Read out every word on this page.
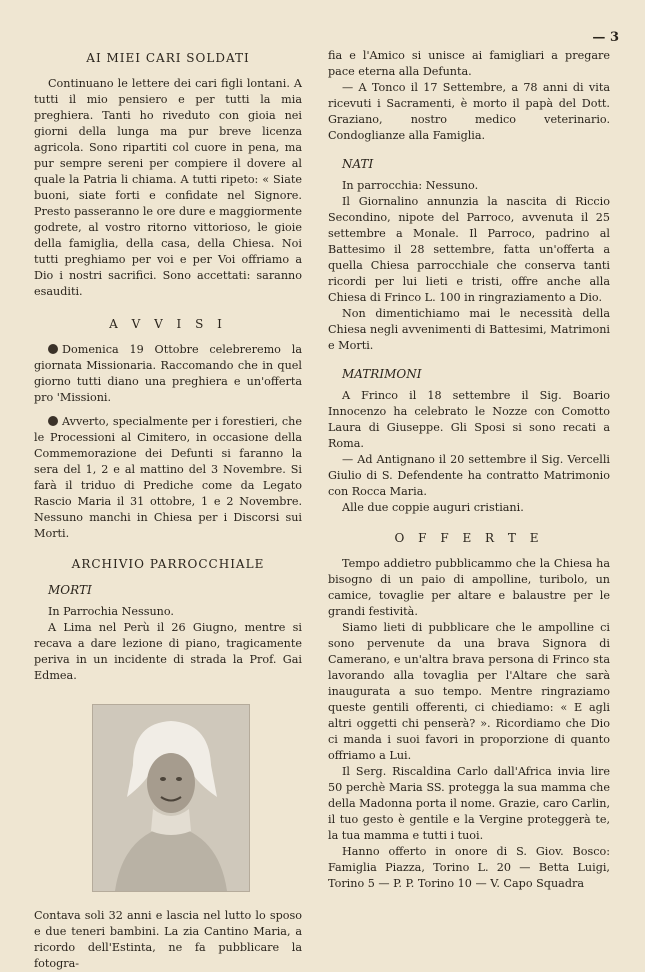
— 3
AI MIEI CARI SOLDATI

Continuano le lettere dei cari figli lontani. A tutti il mio pensiero e per tutti la mia preghiera. Tanti ho riveduto con gioia nei giorni della lunga ma pur breve licenza agricola. Sono ripartiti col cuore in pena, ma pur sempre sereni per compiere il dovere al quale la Patria li chiama. A tutti ripeto: « Siate buoni, siate forti e confidate nel Signore. Presto passeranno le ore dure e maggiormente godrete, al vostro ritorno vittorioso, le gioie della famiglia, della casa, della Chiesa. Noi tutti preghiamo per voi e per Voi offriamo a Dio i nostri sacrifici. Sono accettati: saranno esauditi.

A V V I S I

Domenica 19 Ottobre celebreremo la giornata Missionaria. Raccomando che in quel giorno tutti diano una preghiera e un'offerta pro 'Missioni.

Avverto, specialmente per i forestieri, che le Processioni al Cimitero, in occasione della Commemorazione dei Defunti si faranno la sera del 1, 2 e al mattino del 3 Novembre. Si farà il triduo di Prediche come da Legato Rascio Maria il 31 ottobre, 1 e 2 Novembre. Nessuno manchi in Chiesa per i Discorsi sui Morti.

ARCHIVIO PARROCCHIALE
MORTI

In Parrochia Nessuno.

A Lima nel Perù il 26 Giugno, mentre si recava a dare lezione di piano, tragicamente periva in un incidente di strada la Prof. Gai Edmea.

Contava soli 32 anni e lascia nel lutto lo sposo e due teneri bambini. La zia Cantino Maria, a ricordo dell'Estinta, ne fa pubblicare la fotogra-

fia e l'Amico si unisce ai famigliari a pregare pace eterna alla Defunta.

— A Tonco il 17 Settembre, a 78 anni di vita ricevuti i Sacramenti, è morto il papà del Dott. Graziano, nostro medico veterinario. Condoglianze alla Famiglia.

NATI

In parrocchia: Nessuno.

Il Giornalino annunzia la nascita di Riccio Secondino, nipote del Parroco, avvenuta il 25 settembre a Monale. Il Parroco, padrino al Battesimo il 28 settembre, fatta un'offerta a quella Chiesa parrocchiale che conserva tanti ricordi per lui lieti e tristi, offre anche alla Chiesa di Frinco L. 100 in ringraziamento a Dio.

Non dimentichiamo mai le necessità della Chiesa negli avvenimenti di Battesimi, Matrimoni e Morti.

MATRIMONI

A Frinco il 18 settembre il Sig. Boario Innocenzo ha celebrato le Nozze con Comotto Laura di Giuseppe. Gli Sposi si sono recati a Roma.

— Ad Antignano il 20 settembre il Sig. Vercelli Giulio di S. Defendente ha contratto Matrimonio con Rocca Maria.

Alle due coppie auguri cristiani.

O F F E R T E

Tempo addietro pubblicammo che la Chiesa ha bisogno di un paio di ampolline, turibolo, un camice, tovaglie per altare e balaustre per le grandi festività.

Siamo lieti di pubblicare che le ampolline ci sono pervenute da una brava Signora di Camerano, e un'altra brava persona di Frinco sta lavorando alla tovaglia per l'Altare che sarà inaugurata a suo tempo. Mentre ringraziamo queste gentili offerenti, ci chiediamo: « E agli altri oggetti chi penserà? ». Ricordiamo che Dio ci manda i suoi favori in proporzione di quanto offriamo a Lui.

Il Serg. Riscaldina Carlo dall'Africa invia lire 50 perchè Maria SS. protegga la sua mamma che della Madonna porta il nome. Grazie, caro Carlin, il tuo gesto è gentile e la Vergine proteggerà te, la tua mamma e tutti i tuoi.

Hanno offerto in onore di S. Giov. Bosco: Famiglia Piazza, Torino L. 20 — Betta Luigi, Torino 5 — P. P. Torino 10 — V. Capo Squadra
